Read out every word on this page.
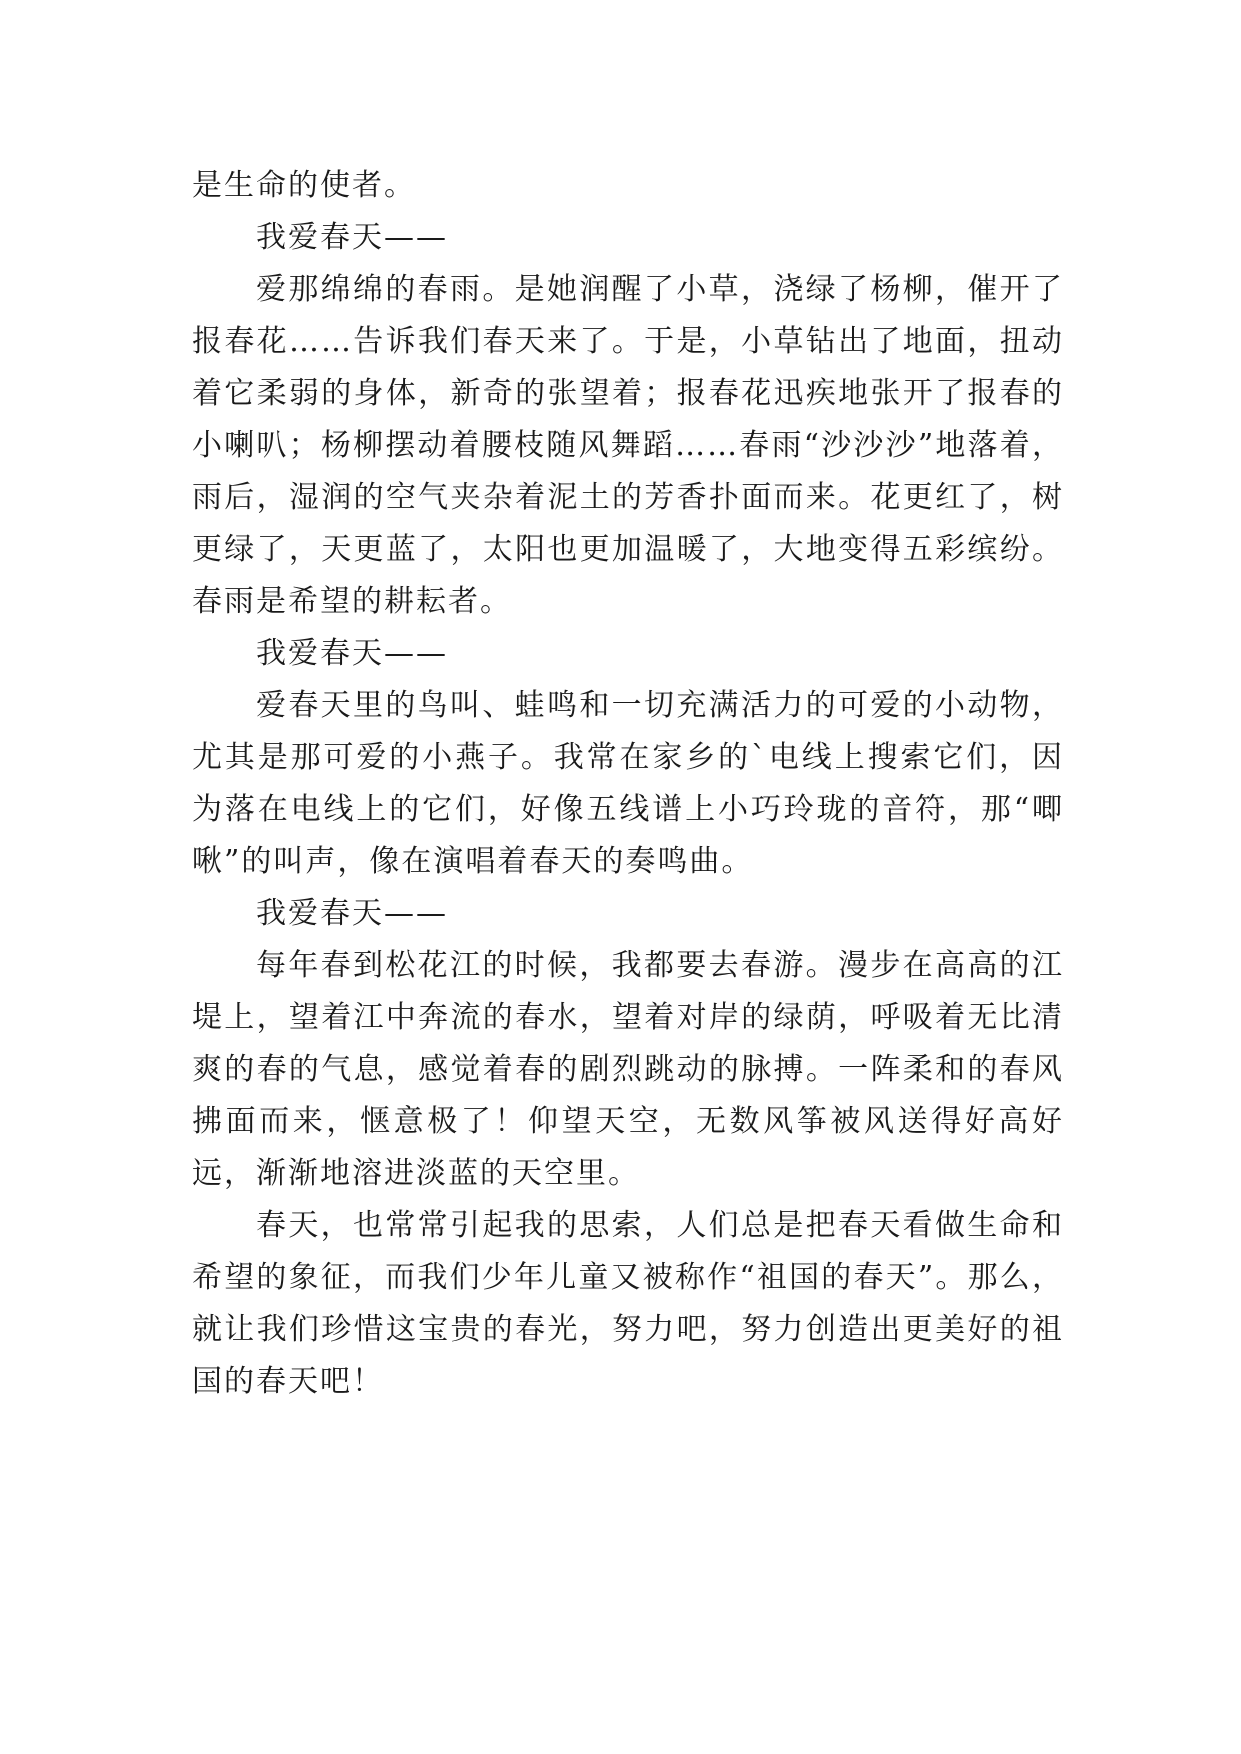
是生命的使者。

我爱春天——

爱那绵绵的春雨。是她润醒了小草，浇绿了杨柳，催开了报春花……告诉我们春天来了。于是，小草钻出了地面，扭动着它柔弱的身体，新奇的张望着；报春花迅疾地张开了报春的小喇叭；杨柳摆动着腰枝随风舞蹈……春雨“沙沙沙”地落着，雨后，湿润的空气夹杂着泥土的芳香扑面而来。花更红了，树更绿了，天更蓝了，太阳也更加温暖了，大地变得五彩缤纷。春雨是希望的耕耘者。

我爱春天——

爱春天里的鸟叫、蛙鸣和一切充满活力的可爱的小动物，尤其是那可爱的小燕子。我常在家乡的`电线上搜索它们，因为落在电线上的它们，好像五线谱上小巧玲珑的音符，那“唧啾”的叫声，像在演唱着春天的奏鸣曲。

我爱春天——

每年春到松花江的时候，我都要去春游。漫步在高高的江堤上，望着江中奔流的春水，望着对岸的绿荫，呼吸着无比清爽的春的气息，感觉着春的剧烈跳动的脉搏。一阵柔和的春风拂面而来，惬意极了！仰望天空，无数风筝被风送得好高好远，渐渐地溶进淡蓝的天空里。

春天，也常常引起我的思索，人们总是把春天看做生命和希望的象征，而我们少年儿童又被称作“祖国的春天”。那么，就让我们珍惜这宝贵的春光，努力吧，努力创造出更美好的祖国的春天吧！
